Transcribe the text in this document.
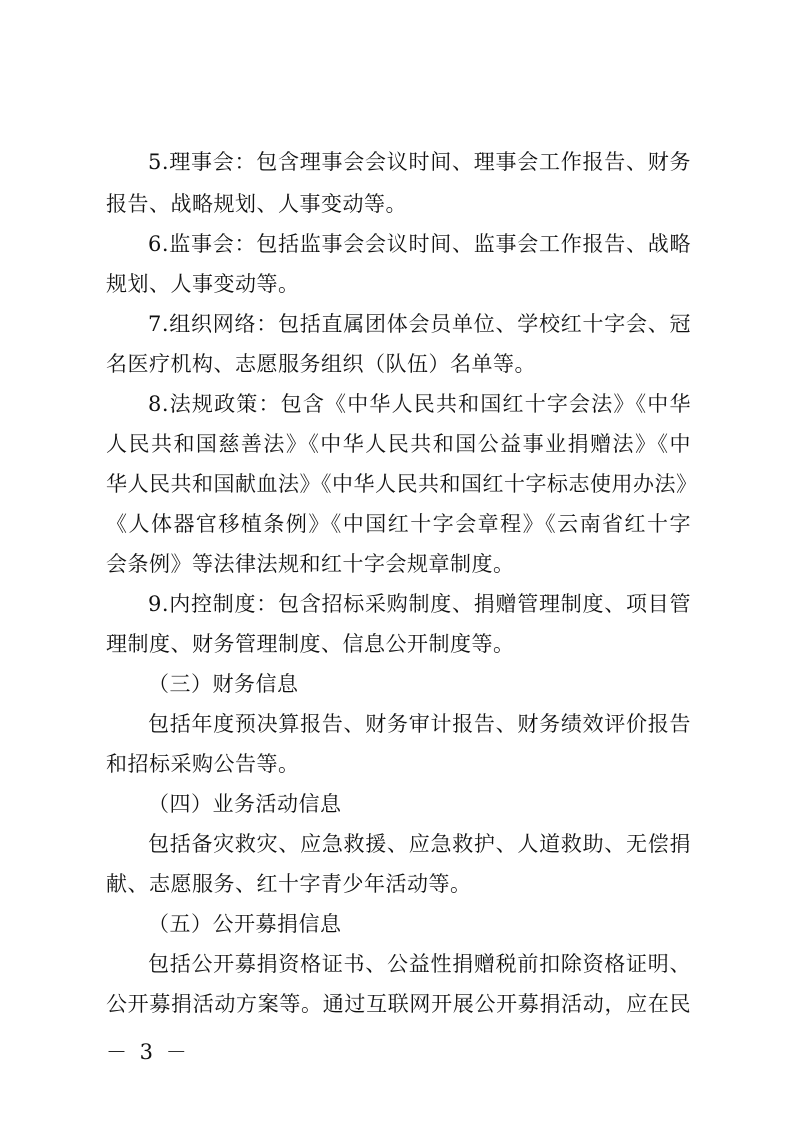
5.理事会：包含理事会会议时间、理事会工作报告、财务
报告、战略规划、人事变动等。
6.监事会：包括监事会会议时间、监事会工作报告、战略
规划、人事变动等。
7.组织网络：包括直属团体会员单位、学校红十字会、冠
名医疗机构、志愿服务组织（队伍）名单等。
8.法规政策：包含《中华人民共和国红十字会法》《中华
人民共和国慈善法》《中华人民共和国公益事业捐赠法》《中
华人民共和国献血法》《中华人民共和国红十字标志使用办法》
《人体器官移植条例》《中国红十字会章程》《云南省红十字
会条例》等法律法规和红十字会规章制度。
9.内控制度：包含招标采购制度、捐赠管理制度、项目管
理制度、财务管理制度、信息公开制度等。
（三）财务信息
包括年度预决算报告、财务审计报告、财务绩效评价报告
和招标采购公告等。
（四）业务活动信息
包括备灾救灾、应急救援、应急救护、人道救助、无偿捐
献、志愿服务、红十字青少年活动等。
（五）公开募捐信息
包括公开募捐资格证书、公益性捐赠税前扣除资格证明、
公开募捐活动方案等。通过互联网开展公开募捐活动，应在民
－ 3 －
